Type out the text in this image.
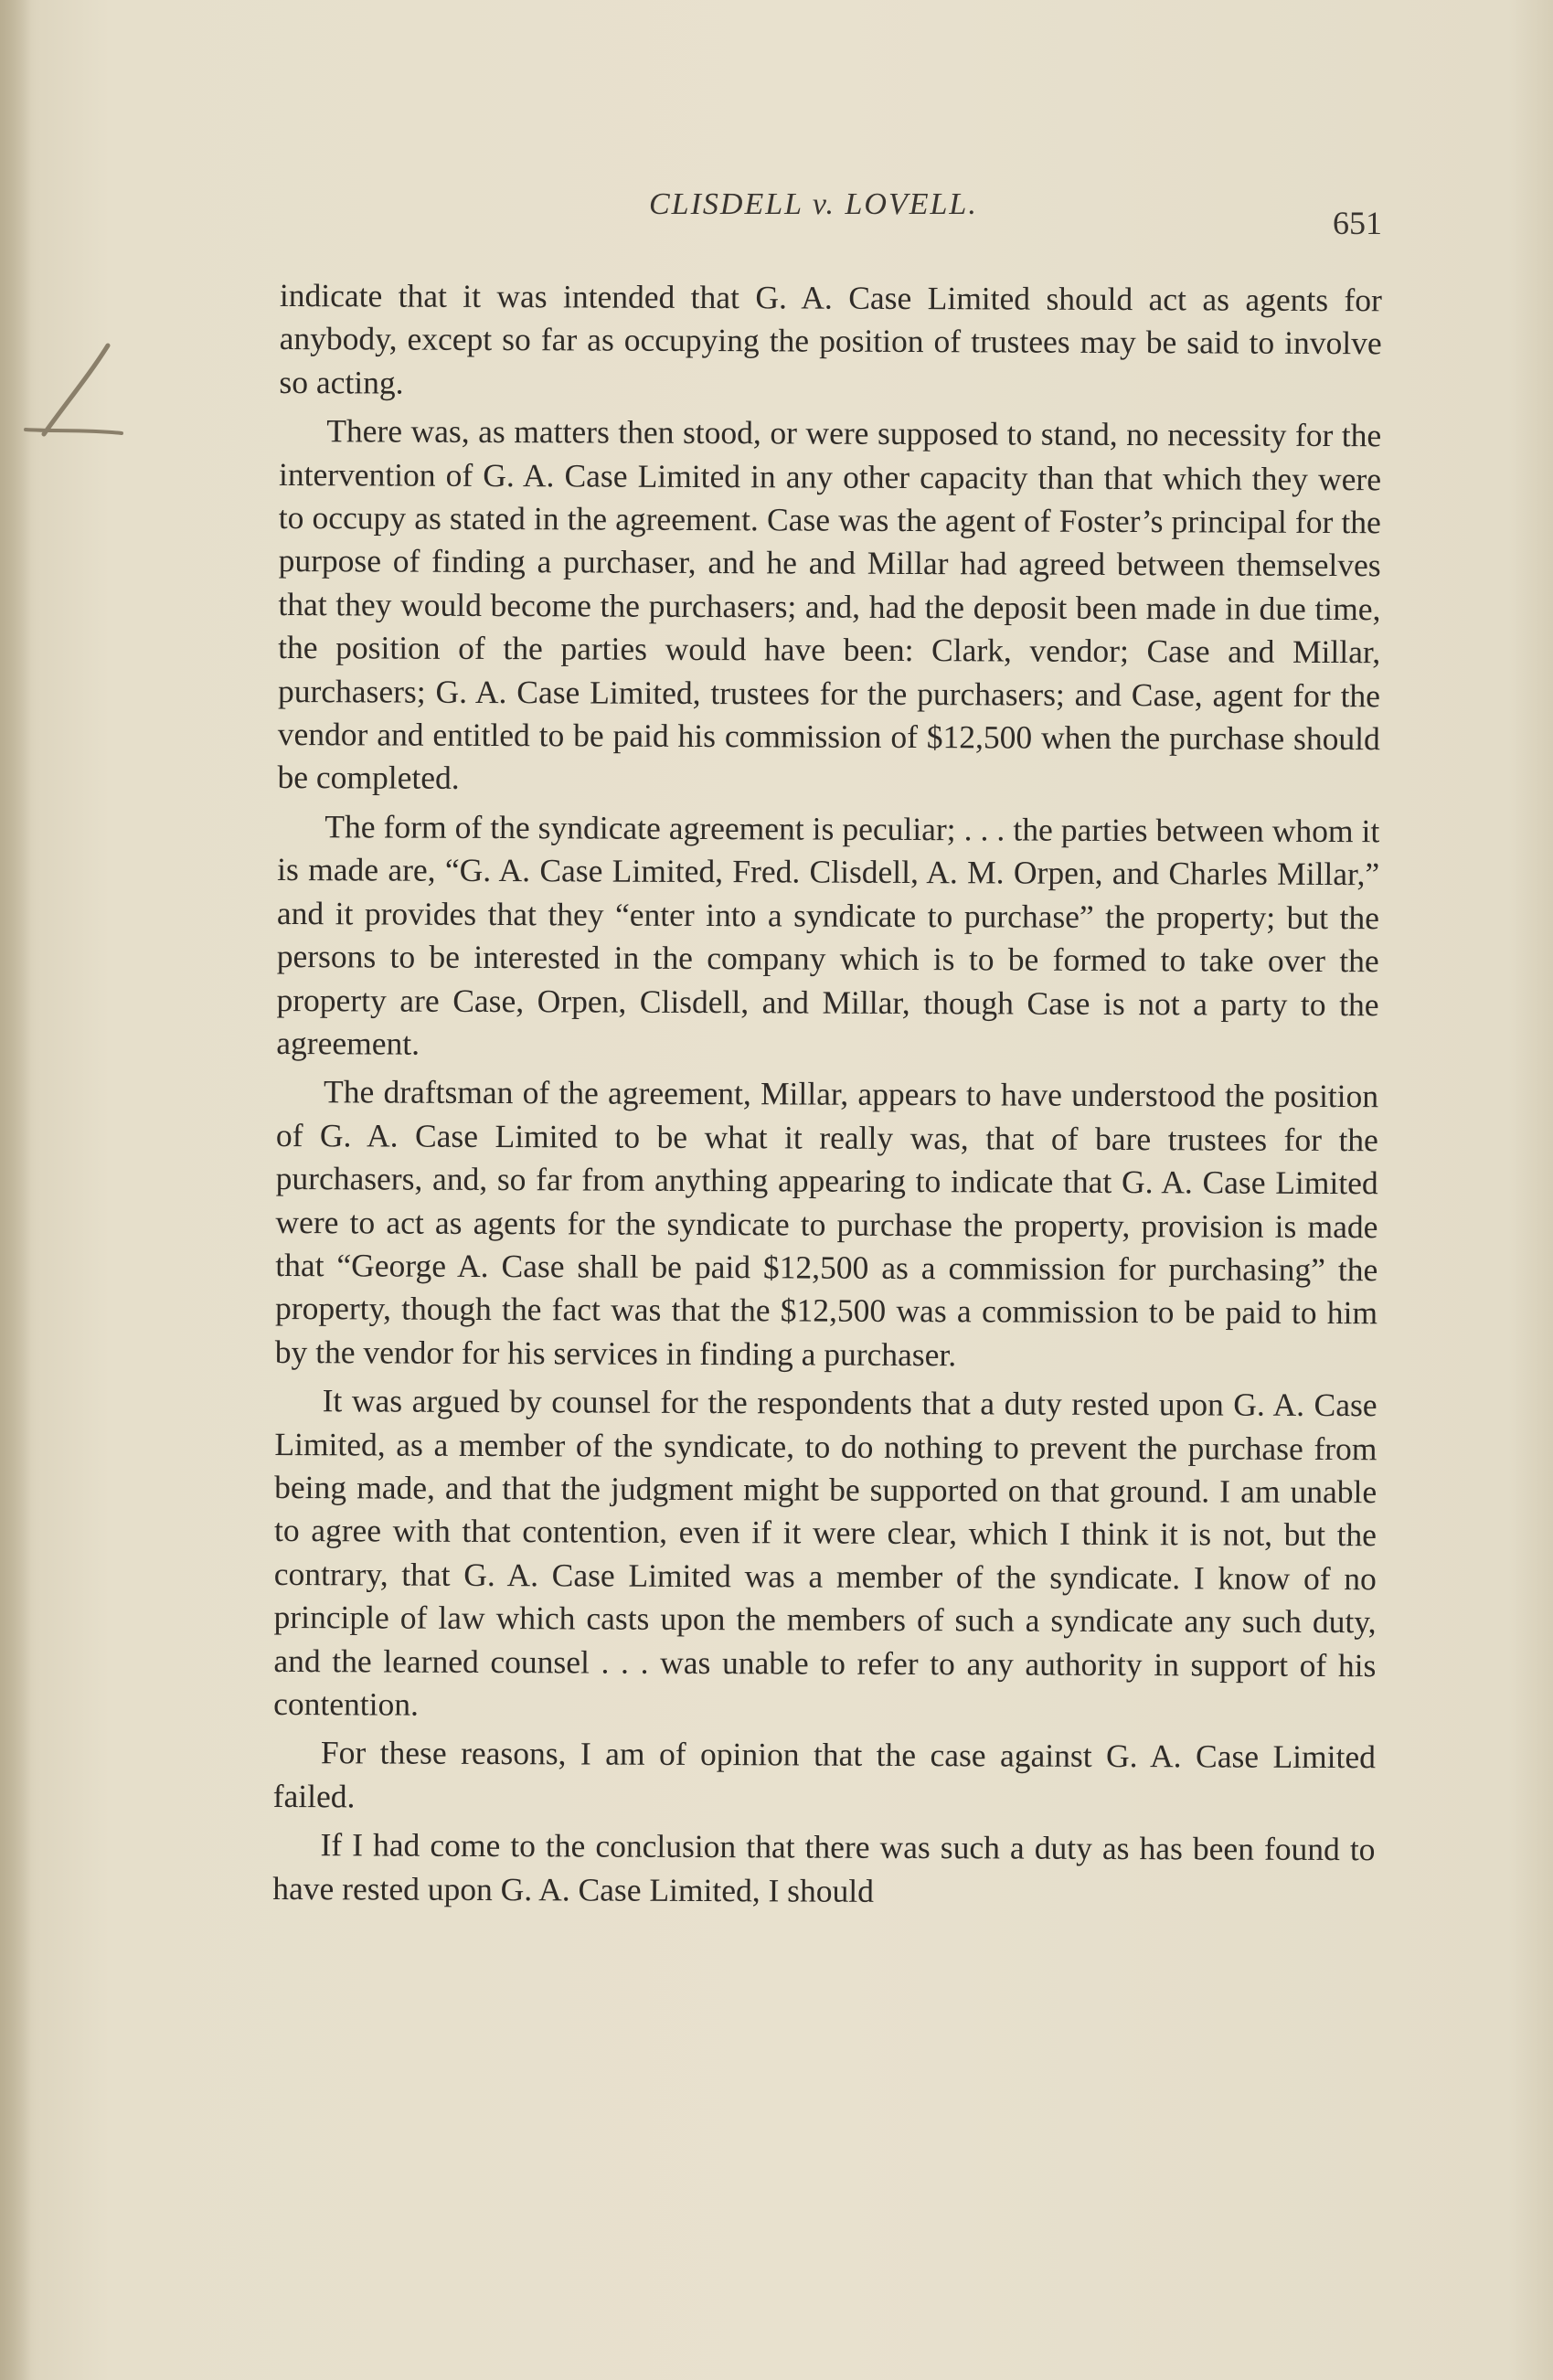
CLISDELL v. LOVELL.
651

indicate that it was intended that G. A. Case Limited should act as agents for anybody, except so far as occupying the position of trustees may be said to involve so acting.

There was, as matters then stood, or were supposed to stand, no necessity for the intervention of G. A. Case Limited in any other capacity than that which they were to occupy as stated in the agreement. Case was the agent of Foster’s principal for the purpose of finding a purchaser, and he and Millar had agreed between themselves that they would become the purchasers; and, had the deposit been made in due time, the position of the parties would have been: Clark, vendor; Case and Millar, purchasers; G. A. Case Limited, trustees for the purchasers; and Case, agent for the vendor and entitled to be paid his commission of $12,500 when the purchase should be completed.

The form of the syndicate agreement is peculiar; . . . the parties between whom it is made are, “G. A. Case Limited, Fred. Clisdell, A. M. Orpen, and Charles Millar,” and it provides that they “enter into a syndicate to purchase” the property; but the persons to be interested in the company which is to be formed to take over the property are Case, Orpen, Clisdell, and Millar, though Case is not a party to the agreement.

The draftsman of the agreement, Millar, appears to have understood the position of G. A. Case Limited to be what it really was, that of bare trustees for the purchasers, and, so far from anything appearing to indicate that G. A. Case Limited were to act as agents for the syndicate to purchase the property, provision is made that “George A. Case shall be paid $12,500 as a commission for purchasing” the property, though the fact was that the $12,500 was a commission to be paid to him by the vendor for his services in finding a purchaser.

It was argued by counsel for the respondents that a duty rested upon G. A. Case Limited, as a member of the syndicate, to do nothing to prevent the purchase from being made, and that the judgment might be supported on that ground. I am unable to agree with that contention, even if it were clear, which I think it is not, but the contrary, that G. A. Case Limited was a member of the syndicate. I know of no principle of law which casts upon the members of such a syndicate any such duty, and the learned counsel . . . was unable to refer to any authority in support of his contention.

For these reasons, I am of opinion that the case against G. A. Case Limited failed.

If I had come to the conclusion that there was such a duty as has been found to have rested upon G. A. Case Limited, I should
